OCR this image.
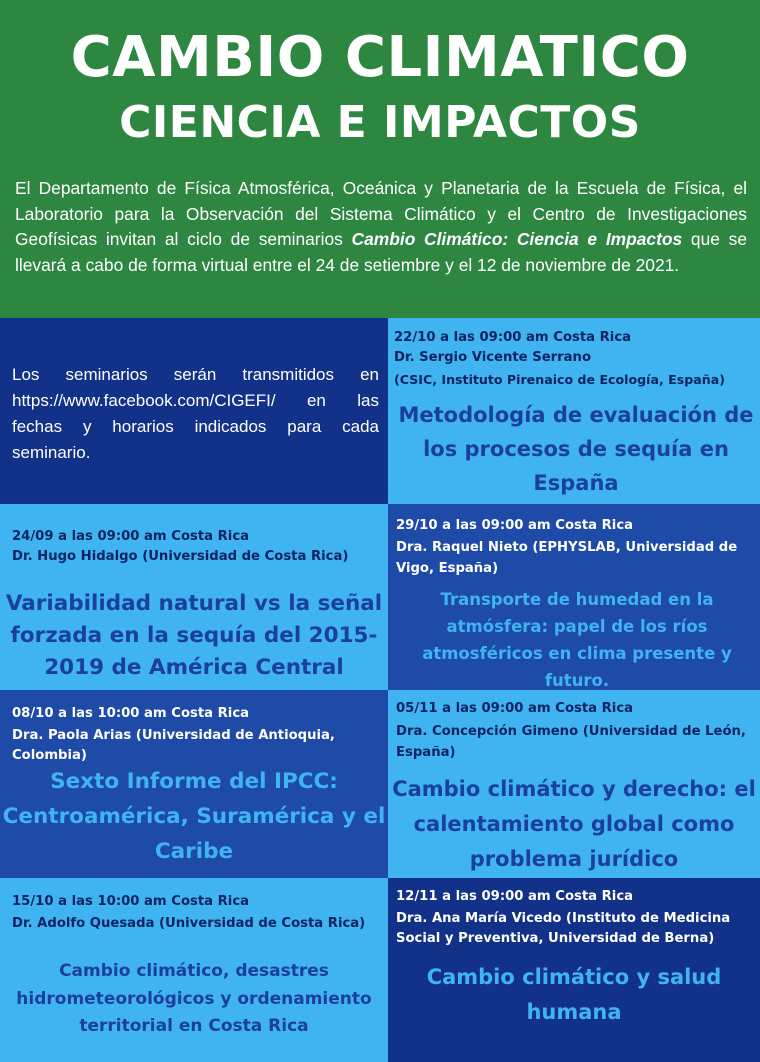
CAMBIO CLIMATICO
CIENCIA E IMPACTOS

El Departamento de Física Atmosférica, Oceánica y Planetaria de la Escuela de Física, el Laboratorio para la Observación del Sistema Climático y el Centro de Investigaciones Geofísicas invitan al ciclo de seminarios Cambio Climático: Ciencia e Impactos que se llevará a cabo de forma virtual entre el 24 de setiembre y el 12 de noviembre de 2021.

Los seminarios serán transmitidos en https://www.facebook.com/CIGEFI/ en las fechas y horarios indicados para cada seminario.

22/10 a las 09:00 am Costa Rica
Dr. Sergio Vicente Serrano
(CSIC, Instituto Pirenaico de Ecología, España)
Metodología de evaluación de los procesos de sequía en España
24/09 a las 09:00 am Costa Rica
Dr. Hugo Hidalgo (Universidad de Costa Rica)
Variabilidad natural vs la señal forzada en la sequía del 2015-2019 de América Central
29/10 a las 09:00 am Costa Rica
Dra. Raquel Nieto (EPHYSLAB, Universidad de Vigo, España)
Transporte de humedad en la atmósfera: papel de los ríos atmosféricos en clima presente y futuro.
08/10 a las 10:00 am Costa Rica
Dra. Paola Arias (Universidad de Antioquia, Colombia)
Sexto Informe del IPCC: Centroamérica, Suramérica y el Caribe
05/11 a las 09:00 am Costa Rica
Dra. Concepción Gimeno (Universidad de León, España)
Cambio climático y derecho: el calentamiento global como problema jurídico
15/10 a las 10:00 am Costa Rica
Dr. Adolfo Quesada (Universidad de Costa Rica)
Cambio climático, desastres hidrometeorológicos y ordenamiento territorial en Costa Rica
12/11 a las 09:00 am Costa Rica
Dra. Ana María Vicedo (Instituto de Medicina Social y Preventiva, Universidad de Berna)
Cambio climático y salud humana
